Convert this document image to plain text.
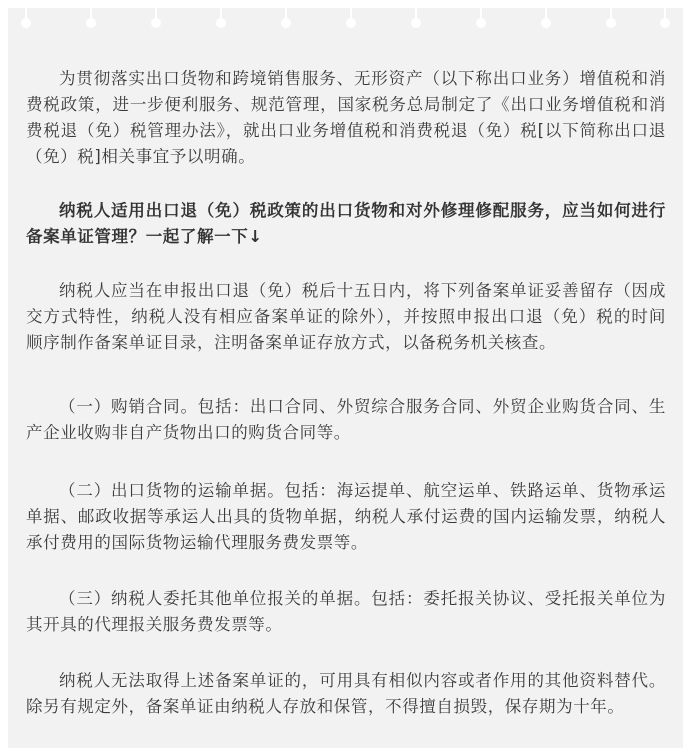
为贯彻落实出口货物和跨境销售服务、无形资产（以下称出口业务）增值税和消费税政策，进一步便利服务、规范管理，国家税务总局制定了《出口业务增值税和消费税退（免）税管理办法》，就出口业务增值税和消费税退（免）税[以下简称出口退（免）税]相关事宜予以明确。

纳税人适用出口退（免）税政策的出口货物和对外修理修配服务，应当如何进行备案单证管理？一起了解一下↓

纳税人应当在申报出口退（免）税后十五日内，将下列备案单证妥善留存（因成交方式特性，纳税人没有相应备案单证的除外），并按照申报出口退（免）税的时间顺序制作备案单证目录，注明备案单证存放方式，以备税务机关核查。

（一）购销合同。包括：出口合同、外贸综合服务合同、外贸企业购货合同、生产企业收购非自产货物出口的购货合同等。

（二）出口货物的运输单据。包括：海运提单、航空运单、铁路运单、货物承运单据、邮政收据等承运人出具的货物单据，纳税人承付运费的国内运输发票，纳税人承付费用的国际货物运输代理服务费发票等。

（三）纳税人委托其他单位报关的单据。包括：委托报关协议、受托报关单位为其开具的代理报关服务费发票等。

纳税人无法取得上述备案单证的，可用具有相似内容或者作用的其他资料替代。除另有规定外，备案单证由纳税人存放和保管，不得擅自损毁，保存期为十年。
